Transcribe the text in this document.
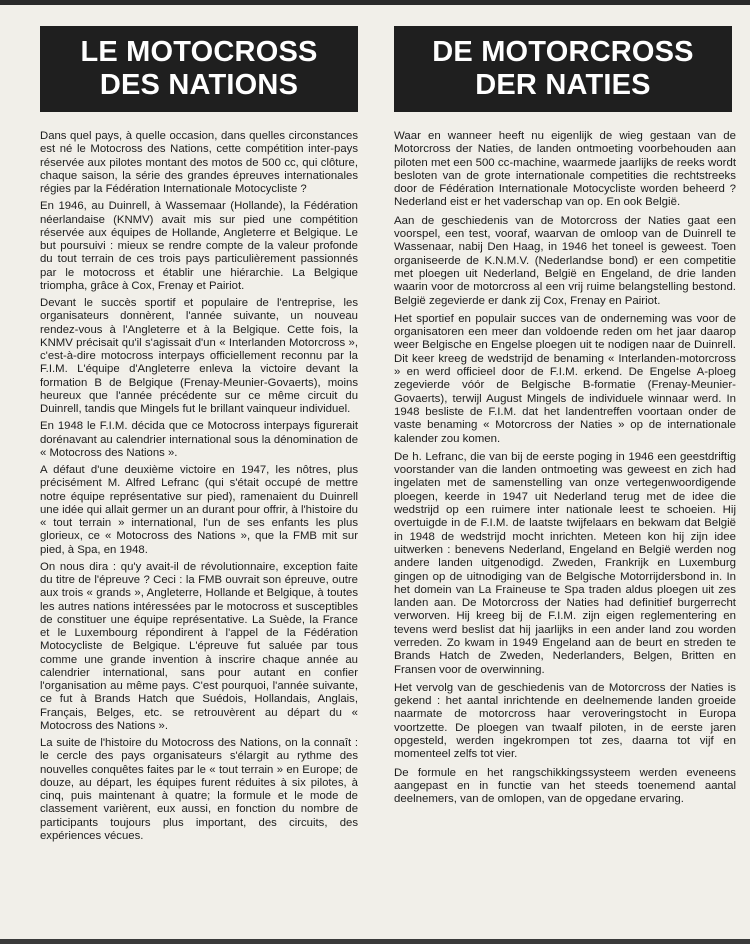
LE MOTOCROSS
DES NATIONS

Dans quel pays, à quelle occasion, dans quelles circonstances est né le Motocross des Nations, cette compétition inter-pays réservée aux pilotes montant des motos de 500 cc, qui clôture, chaque saison, la série des grandes épreuves internationales régies par la Fédération Internationale Motocycliste ?

En 1946, au Duinrell, à Wassemaar (Hollande), la Fédération néerlandaise (KNMV) avait mis sur pied une compétition réservée aux équipes de Hollande, Angleterre et Belgique. Le but poursuivi : mieux se rendre compte de la valeur profonde du tout terrain de ces trois pays particulièrement passionnés par le motocross et établir une hiérarchie. La Belgique triompha, grâce à Cox, Frenay et Pairiot.

Devant le succès sportif et populaire de l'entreprise, les organisateurs donnèrent, l'année suivante, un nouveau rendez-vous à l'Angleterre et à la Belgique. Cette fois, la KNMV précisait qu'il s'agissait d'un « Interlanden Motorcross », c'est-à-dire motocross interpays officiellement reconnu par la F.I.M. L'équipe d'Angleterre enleva la victoire devant la formation B de Belgique (Frenay-Meunier-Govaerts), moins heureux que l'année précédente sur ce même circuit du Duinrell, tandis que Mingels fut le brillant vainqueur individuel.

En 1948 le F.I.M. décida que ce Motocross interpays figurerait dorénavant au calendrier international sous la dénomination de « Motocross des Nations ».

A défaut d'une deuxième victoire en 1947, les nôtres, plus précisément M. Alfred Lefranc (qui s'était occupé de mettre notre équipe représentative sur pied), ramenaient du Duinrell une idée qui allait germer un an durant pour offrir, à l'histoire du « tout terrain » international, l'un de ses enfants les plus glorieux, ce « Motocross des Nations », que la FMB mit sur pied, à Spa, en 1948.

On nous dira : qu'y avait-il de révolutionnaire, exception faite du titre de l'épreuve ? Ceci : la FMB ouvrait son épreuve, outre aux trois « grands », Angleterre, Hollande et Belgique, à toutes les autres nations intéressées par le motocross et susceptibles de constituer une équipe représentative. La Suède, la France et le Luxembourg répondirent à l'appel de la Fédération Motocycliste de Belgique. L'épreuve fut saluée par tous comme une grande invention à inscrire chaque année au calendrier international, sans pour autant en confier l'organisation au même pays. C'est pourquoi, l'année suivante, ce fut à Brands Hatch que Suédois, Hollandais, Anglais, Français, Belges, etc. se retrouvèrent au départ du « Motocross des Nations ».

La suite de l'histoire du Motocross des Nations, on la connaît : le cercle des pays organisateurs s'élargit au rythme des nouvelles conquêtes faites par le « tout terrain » en Europe; de douze, au départ, les équipes furent réduites à six pilotes, à cinq, puis maintenant à quatre; la formule et le mode de classement varièrent, eux aussi, en fonction du nombre de participants toujours plus important, des circuits, des expériences vécues.

DE MOTORCROSS
DER NATIES

Waar en wanneer heeft nu eigenlijk de wieg gestaan van de Motorcross der Naties, de landen ontmoeting voorbehouden aan piloten met een 500 cc-machine, waarmede jaarlijks de reeks wordt besloten van de grote internationale competities die rechtstreeks door de Fédération Internationale Motocycliste worden beheerd ? Nederland eist er het vaderschap van op. En ook België.

Aan de geschiedenis van de Motorcross der Naties gaat een voorspel, een test, vooraf, waarvan de omloop van de Duinrell te Wassenaar, nabij Den Haag, in 1946 het toneel is geweest. Toen organiseerde de K.N.M.V. (Nederlandse bond) er een competitie met ploegen uit Nederland, België en Engeland, de drie landen waarin voor de motorcross al een vrij ruime belangstelling bestond. België zegevierde er dank zij Cox, Frenay en Pairiot.

Het sportief en populair succes van de onderneming was voor de organisatoren een meer dan voldoende reden om het jaar daarop weer Belgische en Engelse ploegen uit te nodigen naar de Duinrell. Dit keer kreeg de wedstrijd de benaming « Interlanden-motorcross » en werd officieel door de F.I.M. erkend. De Engelse A-ploeg zegevierde vóór de Belgische B-formatie (Frenay-Meunier-Govaerts), terwijl August Mingels de individuele winnaar werd. In 1948 besliste de F.I.M. dat het landentreffen voortaan onder de vaste benaming « Motorcross der Naties » op de internationale kalender zou komen.

De h. Lefranc, die van bij de eerste poging in 1946 een geestdriftig voorstander van die landen ontmoeting was geweest en zich had ingelaten met de samenstelling van onze vertegenwoordigende ploegen, keerde in 1947 uit Nederland terug met de idee die wedstrijd op een ruimere inter nationale leest te schoeien. Hij overtuigde in de F.I.M. de laatste twijfelaars en bekwam dat België in 1948 de wedstrijd mocht inrichten. Meteen kon hij zijn idee uitwerken : benevens Nederland, Engeland en België werden nog andere landen uitgenodigd. Zweden, Frankrijk en Luxemburg gingen op de uitnodiging van de Belgische Motorrijdersbond in. In het domein van La Fraineuse te Spa traden aldus ploegen uit zes landen aan. De Motorcross der Naties had definitief burgerrecht verworven. Hij kreeg bij de F.I.M. zijn eigen reglementering en tevens werd beslist dat hij jaarlijks in een ander land zou worden verreden. Zo kwam in 1949 Engeland aan de beurt en streden te Brands Hatch de Zweden, Nederlanders, Belgen, Britten en Fransen voor de overwinning.

Het vervolg van de geschiedenis van de Motorcross der Naties is gekend : het aantal inrichtende en deelnemende landen groeide naarmate de motorcross haar veroveringstocht in Europa voortzette. De ploegen van twaalf piloten, in de eerste jaren opgesteld, werden ingekrompen tot zes, daarna tot vijf en momenteel zelfs tot vier.

De formule en het rangschikkingssysteem werden eveneens aangepast en in functie van het steeds toenemend aantal deelnemers, van de omlopen, van de opgedane ervaring.
